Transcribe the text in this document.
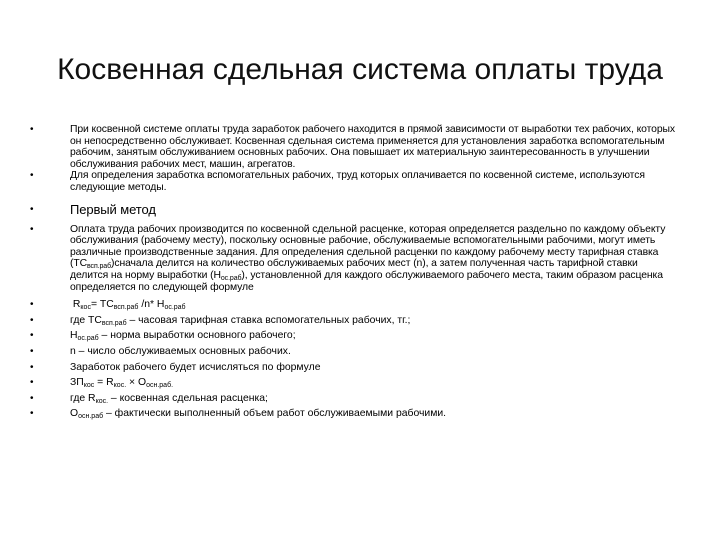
Косвенная сдельная система оплаты труда
•	При косвенной системе оплаты труда заработок рабочего находится в прямой зависимости от выработки тех рабочих, которых он непосредственно обслуживает. Косвенная сдельная система применяется для установления заработка вспомогательным рабочим, занятым обслуживанием основных рабочих. Она повышает их материальную заинтересованность в улучшении обслуживания рабочих мест, машин, агрегатов.
•	Для определения заработка вспомогательных рабочих, труд которых оплачивается по косвенной системе, используются следующие методы.
•	Первый метод
•	Оплата труда рабочих производится по косвенной сдельной расценке, которая определяется раздельно по каждому объекту обслуживания (рабочему месту), поскольку основные рабочие, обслуживаемые вспомогательными рабочими, могут иметь различные производственные задания. Для определения сдельной расценки по каждому рабочему месту тарифная ставка $(ТС_{всп.раб})сначала$ делится на количество обслуживаемых рабочих мест (n), а затем полученная часть тарифной ставки делится на норму выработки $(Н_{ос.раб})$, установленной для каждого обслуживаемого рабочего места, таким образом расценка определяется по следующей формуле
•	$R_{кос}= ТС_{всп.раб}$ /n* $Н_{ос.раб}$
•	где $ТС_{всп.раб}$ – часовая тарифная ставка вспомогательных рабочих, тг.;
•	$Н_{ос.раб}$ – норма выработки основного рабочего;
•	n – число обслуживаемых основных рабочих.
•	Заработок рабочего будет исчисляться по формуле
•	$ЗП_{кос} = R_{кос.} \times О_{осн.раб.}$
•	где $R_{кос.}$ – косвенная сдельная расценка;
•	$О_{осн.раб}$ – фактически выполненный объем работ обслуживаемыми рабочими.
